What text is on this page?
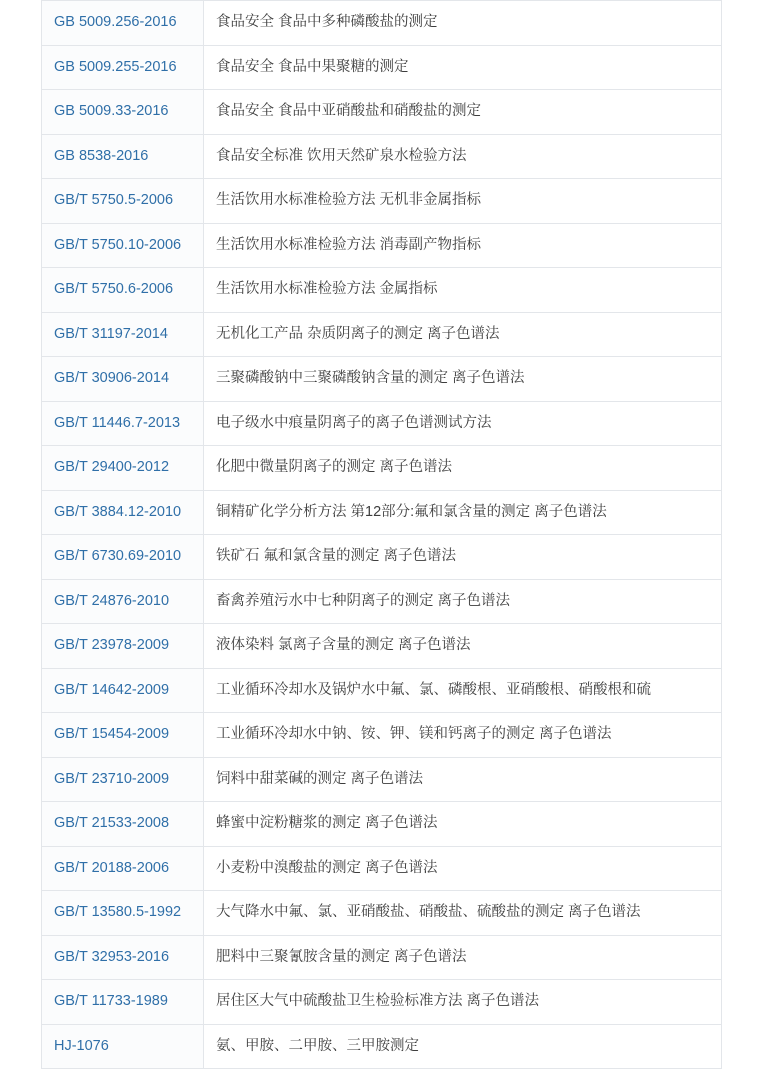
GB 5009.256-2016	食品安全 食品中多种磷酸盐的测定
GB 5009.255-2016	食品安全 食品中果聚糖的测定
GB 5009.33-2016	食品安全 食品中亚硝酸盐和硝酸盐的测定
GB 8538-2016	食品安全标准 饮用天然矿泉水检验方法
GB/T 5750.5-2006	生活饮用水标准检验方法 无机非金属指标
GB/T 5750.10-2006	生活饮用水标准检验方法 消毒副产物指标
GB/T 5750.6-2006	生活饮用水标准检验方法 金属指标
GB/T 31197-2014	无机化工产品 杂质阴离子的测定 离子色谱法
GB/T 30906-2014	三聚磷酸钠中三聚磷酸钠含量的测定 离子色谱法
GB/T 11446.7-2013	电子级水中痕量阴离子的离子色谱测试方法
GB/T 29400-2012	化肥中微量阴离子的测定 离子色谱法
GB/T 3884.12-2010	铜精矿化学分析方法 第12部分:氟和氯含量的测定 离子色谱法
GB/T 6730.69-2010	铁矿石 氟和氯含量的测定 离子色谱法
GB/T 24876-2010	畜禽养殖污水中七种阴离子的测定 离子色谱法
GB/T 23978-2009	液体染料 氯离子含量的测定 离子色谱法
GB/T 14642-2009	工业循环冷却水及锅炉水中氟、氯、磷酸根、亚硝酸根、硝酸根和硫
GB/T 15454-2009	工业循环冷却水中钠、铵、钾、镁和钙离子的测定 离子色谱法
GB/T 23710-2009	饲料中甜菜碱的测定 离子色谱法
GB/T 21533-2008	蜂蜜中淀粉糖浆的测定 离子色谱法
GB/T 20188-2006	小麦粉中溴酸盐的测定 离子色谱法
GB/T 13580.5-1992	大气降水中氟、氯、亚硝酸盐、硝酸盐、硫酸盐的测定 离子色谱法
GB/T 32953-2016	肥料中三聚氰胺含量的测定 离子色谱法
GB/T 11733-1989	居住区大气中硫酸盐卫生检验标准方法 离子色谱法
HJ-1076	氨、甲胺、二甲胺、三甲胺测定
